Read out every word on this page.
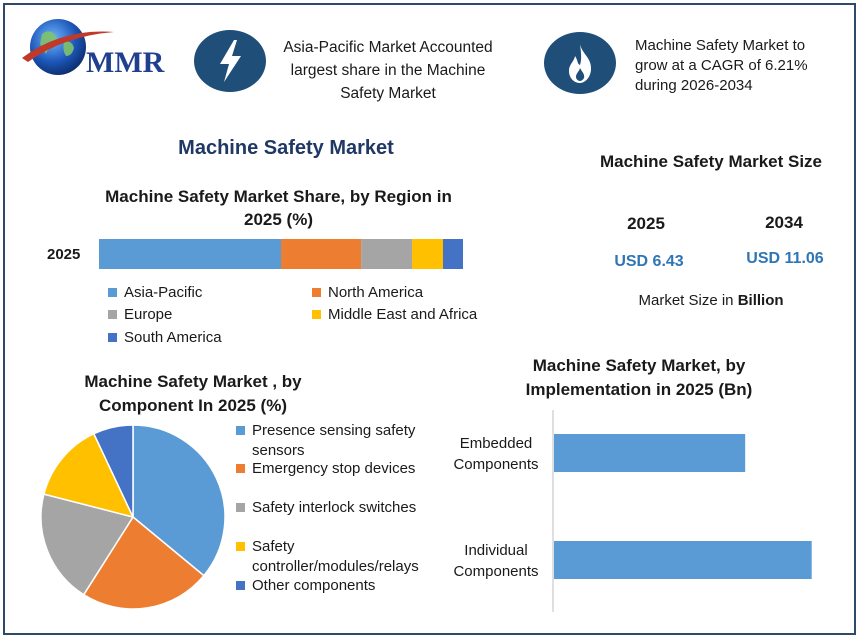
MMR	Asia-Pacific Market Accounted
largest share in the Machine
Safety Market
Machine Safety Market to
grow at a CAGR of 6.21%
during 2026-2034
Machine Safety Market
Machine Safety Market Share, by Region in
2025 (%)
2025
Asia-Pacific	North America
Europe	Middle East and Africa
South America
Machine Safety Market Size
2025	2034
USD 6.43	USD 11.06
Market Size in Billion
Machine Safety Market , by
Component In 2025 (%)
Presence sensing safety
sensors
Emergency stop devices
Safety interlock switches
Safety
controller/modules/relays
Other components
Machine Safety Market, by
Implementation in 2025 (Bn)
Embedded
Components
Individual
Components
